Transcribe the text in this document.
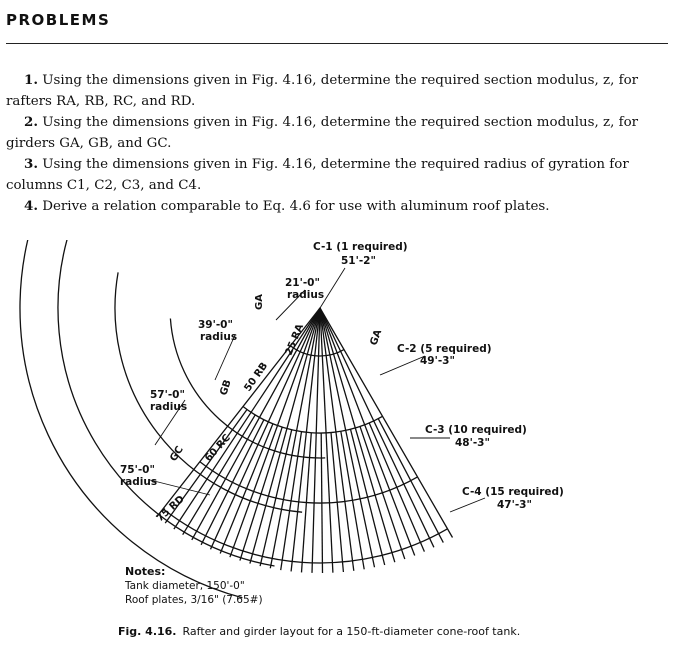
PROBLEMS
1. Using the dimensions given in Fig. 4.16, determine the required section modulus, z, for rafters RA, RB, RC, and RD.
2. Using the dimensions given in Fig. 4.16, determine the required section modulus, z, for girders GA, GB, and GC.
3. Using the dimensions given in Fig. 4.16, determine the required radius of gyration for columns C1, C2, C3, and C4.
4. Derive a relation comparable to Eq. 4.6 for use with aluminum roof plates.
C-1 (1 required)
51'-2"
C-2 (5 required)
49'-3"
C-3 (10 required)
48'-3"
C-4 (15 required)
47'-3"
21'-0"
radius
39'-0"
radius
57'-0"
radius
75'-0"
radius
25 RA
50 RB
60 RC
75 RD
GA
GA
GB
GC
Notes:
Tank diameter, 150'-0"
Roof plates, 3/16" (7.65#)
Fig. 4.16. Rafter and girder layout for a 150-ft-diameter cone-roof tank.
